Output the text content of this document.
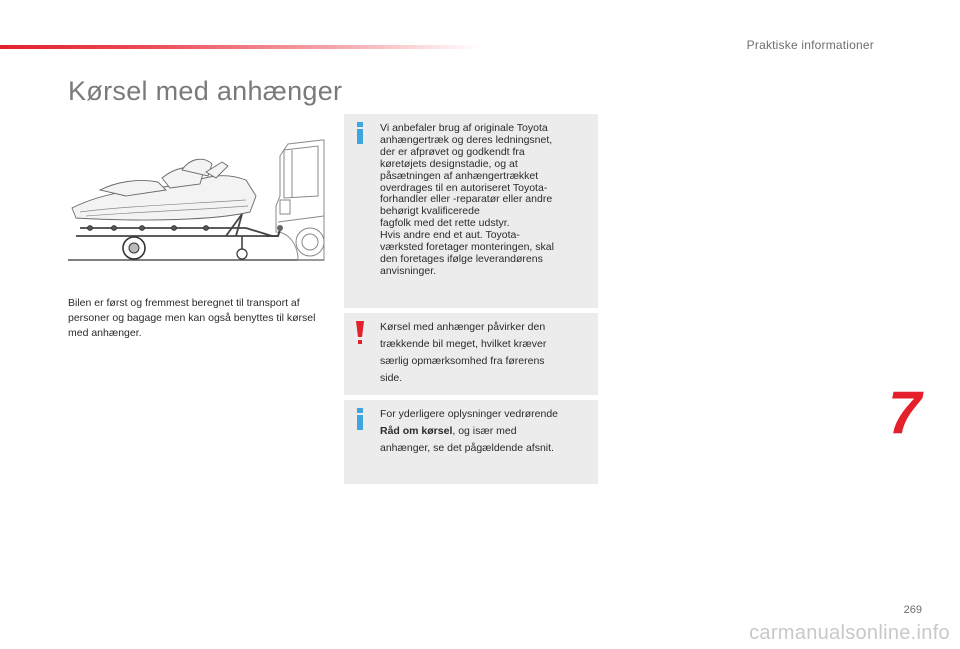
Praktiske informationer
Kørsel med anhænger
Bilen er først og fremmest beregnet til transport af personer og bagage men kan også benyttes til kørsel med anhænger.
Vi anbefaler brug af originale Toyota
anhængertræk og deres ledningsnet,
der er afprøvet og godkendt fra
køretøjets designstadie, og at
påsætningen af anhængertrækket
overdrages til en autoriseret Toyota-
forhandler eller -reparatør eller andre
behørigt kvalificerede
fagfolk med det rette udstyr.
Hvis andre end et aut. Toyota-
værksted foretager monteringen, skal
den foretages ifølge leverandørens
anvisninger.
Kørsel med anhænger påvirker den
trækkende bil meget, hvilket kræver
særlig opmærksomhed fra førerens
side.
For yderligere oplysninger vedrørende
Råd om kørsel, og især med
anhænger, se det pågældende afsnit.
7
269
carmanualsonline.info
